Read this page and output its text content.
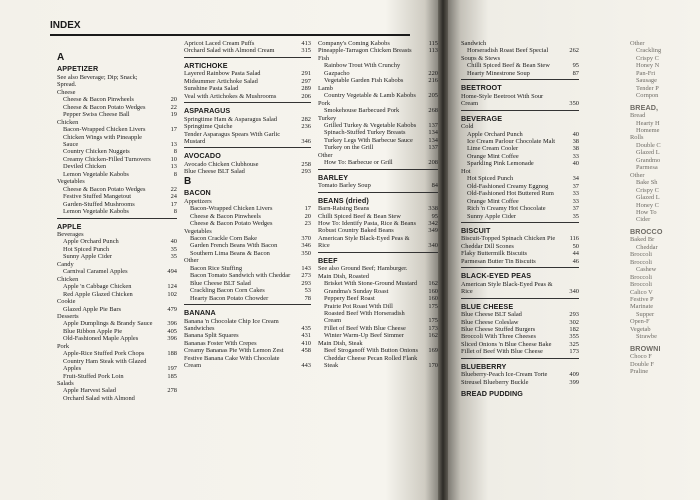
INDEX
A
APPETIZER
See also Beverage; Dip; Snack; Spread.
Cheese
Cheese & Bacon Pinwheels	20
Cheese & Bacon Potato Wedges	22
Pepper Swiss Cheese Ball	19
Chicken
Bacon-Wrapped Chicken Livers	17
Chicken Wings with Pineapple Sauce	13
Country Chicken Nuggets	8
Creamy Chicken-Filled Turnovers	10
Deviled Chicken	13
Lemon Vegetable Kabobs	8
Vegetables
Cheese & Bacon Potato Wedges	22
Festive Stuffed Mangetout	24
Garden-Stuffed Mushrooms	17
Lemon Vegetable Kabobs	8
APPLE
Beverages
Apple Orchard Punch	40
Hot Spiced Punch	35
Sunny Apple Cider	35
Candy
Carnival Caramel Apples	494
Chicken
Apple 'n Cabbage Chicken	124
Red Apple Glazed Chicken	102
Cookie
Glazed Apple Pie Bars	479
Desserts
Apple Dumplings & Brandy Sauce	396
Blue Ribbon Apple Pie	405
Old-Fashioned Maple Apples	396
Pork
Apple-Rice Stuffed Pork Chops	188
Country Ham Steak with Glazed Apples	197
Fruit-Stuffed Pork Loin	185
Salads
Apple Harvest Salad	278
Orchard Salad with Almond
Apricot Laced Cream Puffs	413
Orchard Salad with Almond Cream	315
ARTICHOKE
Layered Rainbow Pasta Salad	291
Midsummer Artichoke Salad	297
Sunshine Pasta Salad	289
Veal with Artichokes & Mushrooms	206
ASPARAGUS
Springtime Ham & Asparagus Salad	282
Springtime Quiche	236
Tender Asparagus Spears With Garlic Mustard	346
AVOCADO
Avocado Chicken Clubhouse	258
Blue Cheese BLT Salad	293
B
BACON
Appetizers
Bacon-Wrapped Chicken Livers	17
Cheese & Bacon Pinwheels	20
Cheese & Bacon Potato Wedges	23
Vegetables
Bacon Crackle Corn Bake	370
Garden French Beans With Bacon	346
Southern Lima Beans & Bacon	350
Other
Bacon Rice Stuffing	143
Bacon Tomato Sandwich with Cheddar	273
Blue Cheese BLT Salad	293
Crackling Bacon Corn Cakes	53
Hearty Bacon Potato Chowder	78
BANANA
Banana 'n Chocolate Chip Ice Cream Sandwiches	435
Banana Split Squares	431
Bananas Foster With Crepes	410
Creamy Bananas Pie With Lemon Zest	458
Festive Banana Cake With Chocolate Cream	443
Company's Coming Kabobs	115
Pineapple-Tarragon Chicken Breasts	113
Fish
Rainbow Trout With Crunchy Gazpacho	220
Vegetable Garden Fish Kabobs	216
Lamb
Country Vegetable & Lamb Kabobs	205
Pork
Smokehouse Barbecued Pork	268
Turkey
Grilled Turkey & Vegetable Kabobs	137
Spinach-Stuffed Turkey Breasts	134
Turkey Legs With Barbecue Sauce	134
Turkey on the Grill	137
Other
How To: Barbecue or Grill	208
BARLEY
Tomato Barley Soup	84
BEANS (dried)
Barn-Raising Beans	338
Chilli Spiced Beef & Bean Stew	95
How To: Identify Pasta, Rice & Beans	342
Robust Country Baked Beans	349
American Style Black-Eyed Peas & Rice	340
BEEF
See also Ground Beef; Hamburger.
Main Dish, Roasted
Brisket With Stone-Ground Mustard	162
Grandma's Sunday Roast	160
Peppery Beef Roast	160
Prairie Pot Roast With Dill	175
Roasted Beef With Horseradish Cream	175
Fillet of Beef With Blue Cheese	173
Winter Warm-Up Beef Simmer	162
Main Dish, Steak
Beef Stroganoff With Button Onions	169
Cheddar Cheese Pecan Rolled Flank Steak	170
Sandwich
Horseradish Roast Beef Special	262
Soups & Stews
Chilli Spiced Beef & Bean Stew	95
Hearty Minestrone Soup	87
BEETROOT
Home-Style Beetroot With Sour Cream	350
BEVERAGE
Cold
Apple Orchard Punch	40
Ice Cream Parlour Chocolate Malt	38
Lime Cream Cooler	38
Orange Mint Coffee	33
Sparkling Pink Lemonade	40
Hot
Hot Spiced Punch	34
Old-Fashioned Creamy Eggnog	37
Old-Fashioned Hot Buttered Rum	33
Orange Mint Coffee	33
Rich 'n Creamy Hot Chocolate	37
Sunny Apple Cider	35
BISCUIT
Biscuit-Topped Spinach Chicken Pie	116
Cheddar Dill Scones	50
Flaky Buttermilk Biscuits	44
Parmesan Butter Tin Biscuits	46
BLACK-EYED PEAS
American Style Black-Eyed Peas & Rice	340
BLUE CHEESE
Blue Cheese BLT Salad	293
Blue Cheese Coleslaw	302
Blue Cheese Stuffed Burgers	182
Broccoli With Three Cheeses	355
Sliced Onions 'n Blue Cheese Bake	325
Fillet of Beef With Blue Cheese	173
BLUEBERRY
Blueberry-Peach Ice-Cream Torte	409
Streusel Blueberry Buckle	399
BREAD PUDDING
Other
Crackling
Crispy C
Honey N
Pan-Fri
Sausage
Tender P
Cornpon
BREAD,
Bread
Hearty H
Homeme
Rolls
Double C
Glazed L
Grandmo
Parmesa
Other
Bake Sh
Crispy C
Glazed L
Honey C
How To
Cider
BROCCO
Baked Br
Cheddar
Broccoli
Broccoli
Cashew
Broccoli
Broccoli
Calico V
Festive P
Marinate
Supper
Open-F
Vegetab
Strawbe
BROWNI
Choco F
Double F
Praline
